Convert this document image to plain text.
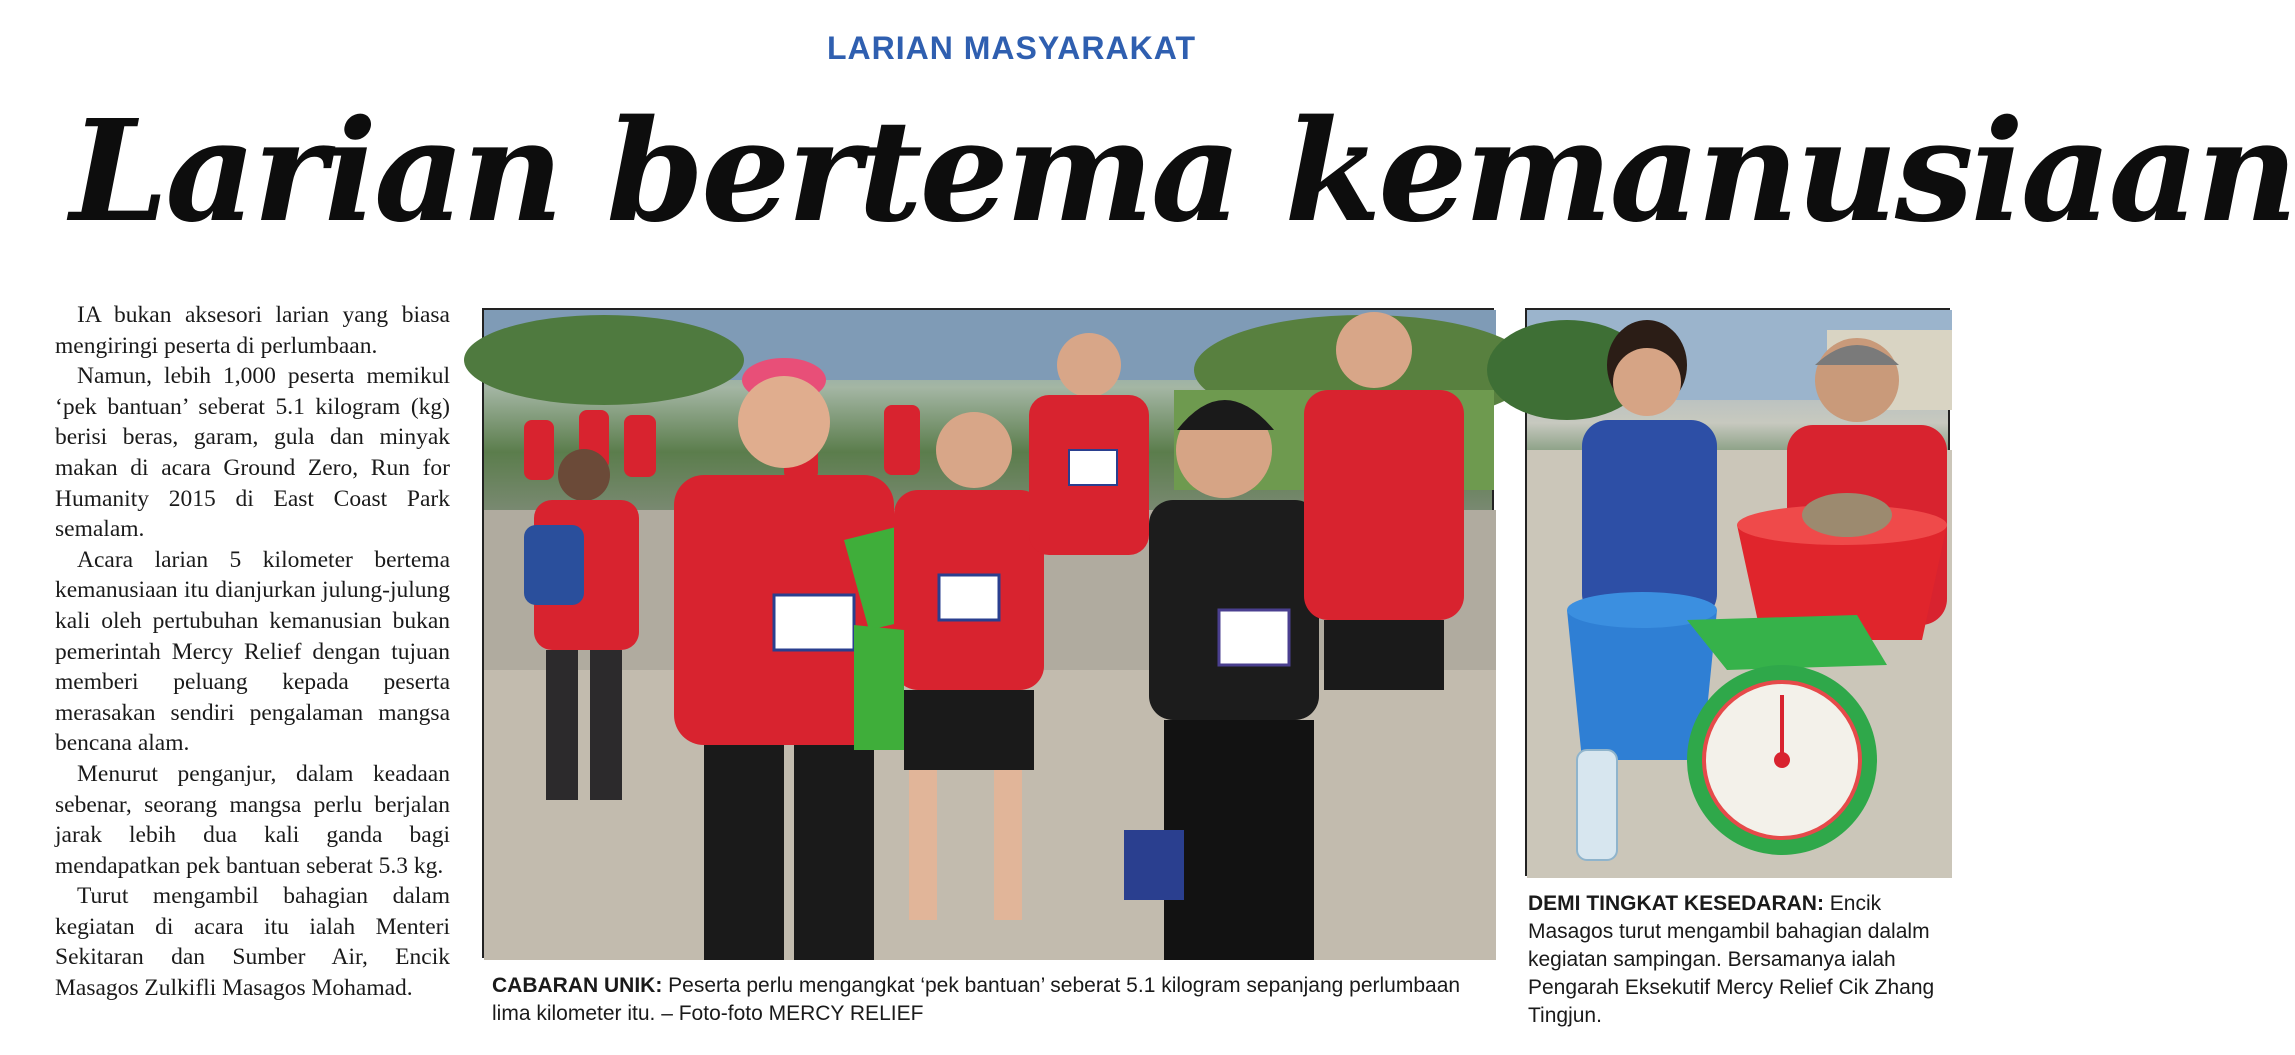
LARIAN MASYARAKAT
Larian bertema kemanusiaan

IA bukan aksesori larian yang biasa mengiringi peserta di perlumbaan.

Namun, lebih 1,000 peserta memikul ‘pek bantuan’ seberat 5.1 kilogram (kg) berisi beras, garam, gula dan minyak makan di acara Ground Zero, Run for Humanity 2015 di East Coast Park semalam.

Acara larian 5 kilometer bertema kemanusiaan itu dianjurkan julung-julung kali oleh pertubuhan kemanusian bukan pemerintah Mercy Relief dengan tujuan memberi peluang kepada peserta merasakan sendiri pengalaman mangsa bencana alam.

Menurut penganjur, dalam keadaan sebenar, seorang mangsa perlu berjalan jarak lebih dua kali ganda bagi mendapatkan pek bantuan seberat 5.3 kg.

Turut mengambil bahagian dalam kegiatan di acara itu ialah Menteri Sekitaran dan Sumber Air, Encik Masagos Zulkifli Masagos Mohamad.	CABARAN UNIK: Peserta perlu mengangkat ‘pek bantuan’ seberat 5.1 kilogram sepanjang perlumbaan lima kilometer itu. – Foto-foto MERCY RELIEF
DEMI TINGKAT KESEDARAN: Encik Masagos turut mengambil bahagian dalalm kegiatan sampingan. Bersamanya ialah Pengarah Eksekutif Mercy Relief Cik Zhang Tingjun.
